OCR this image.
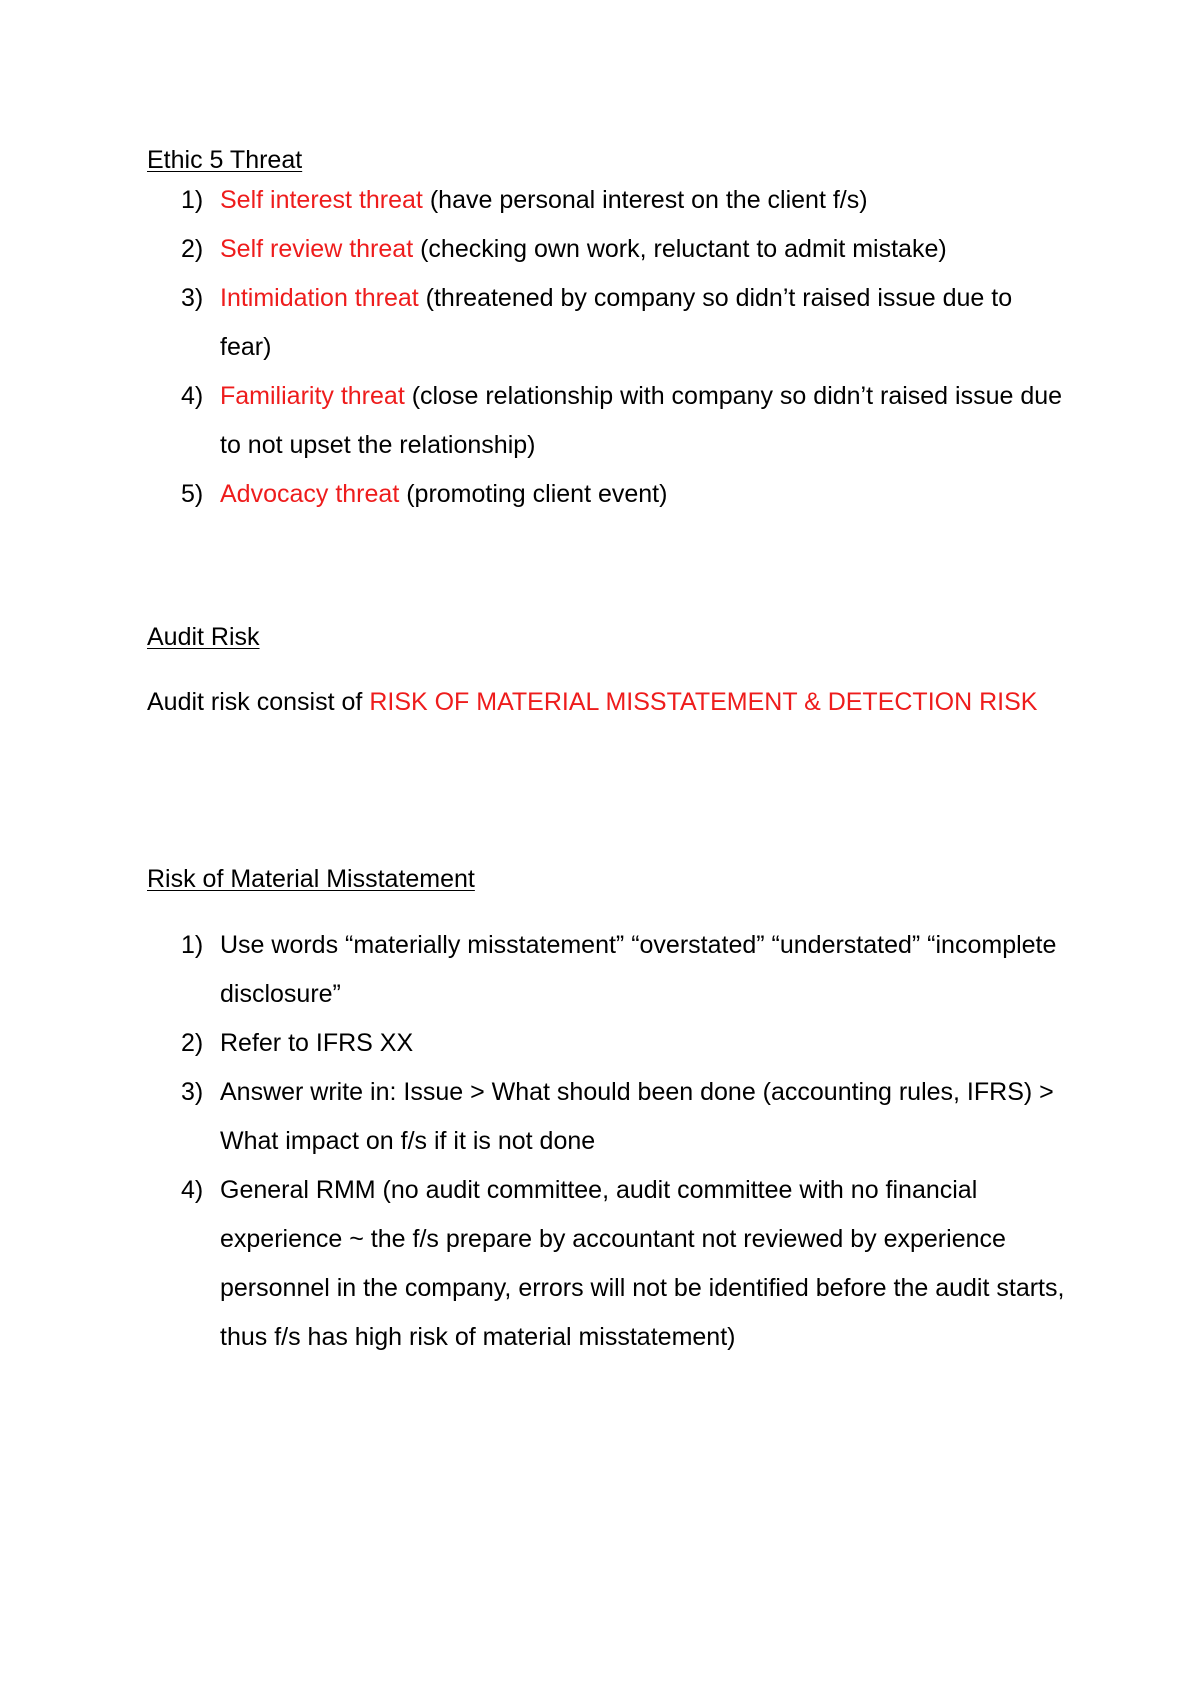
Ethic 5 Threat
1) Self interest threat (have personal interest on the client f/s)
2) Self review threat (checking own work, reluctant to admit mistake)
3) Intimidation threat (threatened by company so didn’t raised issue due to fear)
4) Familiarity threat (close relationship with company so didn’t raised issue due to not upset the relationship)
5) Advocacy threat (promoting client event)
Audit Risk
Audit risk consist of RISK OF MATERIAL MISSTATEMENT & DETECTION RISK
Risk of Material Misstatement
1) Use words “materially misstatement” “overstated” “understated” “incomplete disclosure”
2) Refer to IFRS XX
3) Answer write in: Issue > What should been done (accounting rules, IFRS) > What impact on f/s if it is not done
4) General RMM (no audit committee, audit committee with no financial experience ~ the f/s prepare by accountant not reviewed by experience personnel in the company, errors will not be identified before the audit starts, thus f/s has high risk of material misstatement)
